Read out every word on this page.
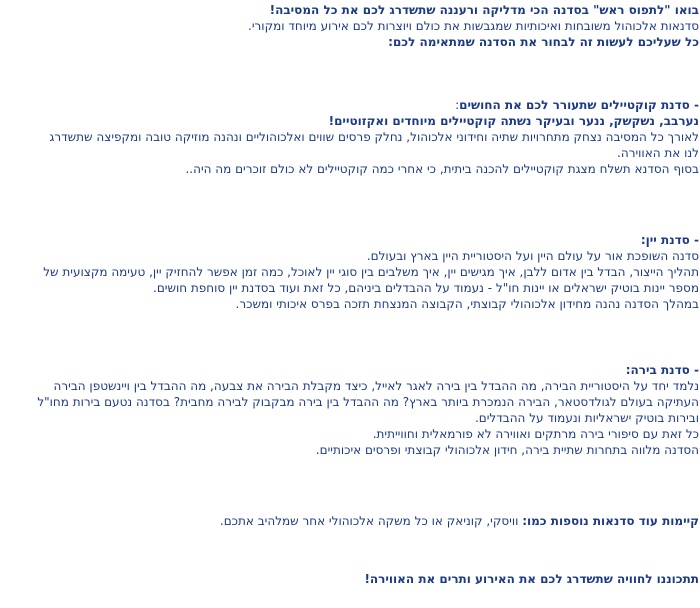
בואו "לתפוס ראש" בסדנה הכי מדליקה ורעננה שתשדרג לכם את כל המסיבה!

סדנאות אלכוהול משובחות ואיכותיות שמגבשות את כולם ויוצרות לכם אירוע מיוחד ומקורי.

כל שעליכם לעשות זה לבחור את הסדנה שמתאימה לכם:

- סדנת קוקטיילים שתעורר לכם את החושים:

נערבב, נשקשק, ננער ובעיקר נשתה קוקטיילים מיוחדים ואקזוטיים!

לאורך כל המסיבה נצחק מתחרויות שתיה וחידוני אלכוהול, נחלק פרסים שווים ואלכוהוליים ונהנה מוזיקה טובה ומקפיצה שתשדרג

לנו את האווירה.

בסוף הסדנא תשלח מצגת קוקטיילים להכנה ביתית, כי אחרי כמה קוקטיילים לא כולם זוכרים מה היה..

- סדנת יין:

סדנה השופכת אור על עולם היין ועל היסטוריית היין בארץ ובעולם.

תהליך הייצור, הבדל בין אדום ללבן, איך מגישים יין, איך משלבים בין סוגי יין לאוכל, כמה זמן אפשר להחזיק יין, טעימה מקצועית של

מספר יינות בוטיק ישראלים או יינות חו"ל - נעמוד על ההבדלים ביניהם, כל זאת ועוד בסדנת יין סוחפת חושים.

במהלך הסדנה נהנה מחידון אלכוהולי קבוצתי, הקבוצה המנצחת תזכה בפרס איכותי ומשכר.

- סדנת בירה:

נלמד יחד על היסטוריית הבירה, מה ההבדל בין בירה לאגר לאייל, כיצד מקבלת הבירה את צבעה, מה ההבדל בין ויינשטפן הבירה

העתיקה בעולם לגולדסטאר, הבירה הנמכרת ביותר בארץ? מה ההבדל בין בירה מבקבוק לבירה מחבית? בסדנה נטעם בירות מחו"ל

ובירות בוטיק ישראליות ונעמוד על ההבדלים.

כל זאת עם סיפורי בירה מרתקים ואווירה לא פורמאלית וחווייתית.

הסדנה מלווה בתחרות שתיית בירה, חידון אלכוהולי קבוצתי ופרסים איכותיים.

קיימות עוד סדנאות נוספות כמו: וויסקי, קוניאק או כל משקה אלכוהולי אחר שמלהיב אתכם.

תתכוננו לחוויה שתשדרג לכם את האירוע ותרים את האווירה!
